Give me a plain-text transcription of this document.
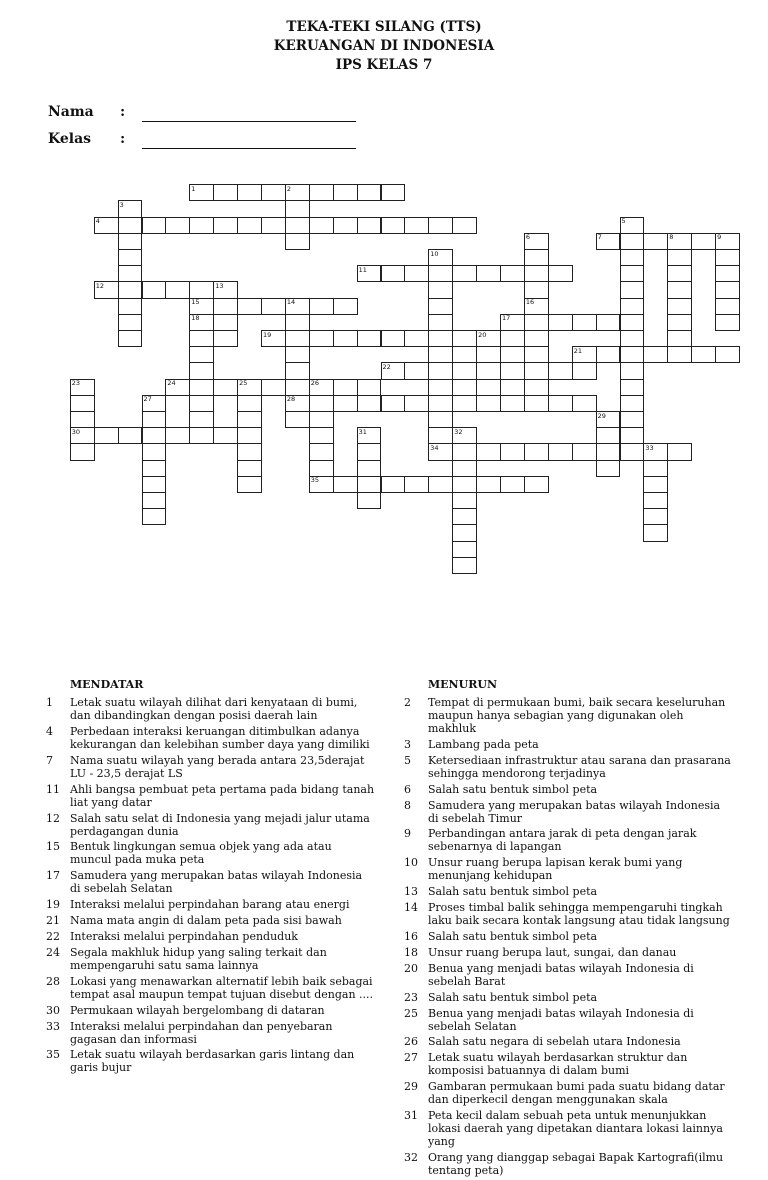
TEKA-TEKI SILANG (TTS)
KERUANGAN DI INDONESIA
IPS KELAS 7
Nama :
Kelas :
1
4
7
11
12
15
17
19
21
22
24
28
30
34
35
2
3
5
6	8	9
10
13
14	16
18
20
23	25	26
27
29
31	32
33
MENDATAR
1	Letak suatu wilayah dilihat dari kenyataan di bumi, dan dibandingkan dengan posisi daerah lain
4	Perbedaan interaksi keruangan ditimbulkan adanya kekurangan dan kelebihan sumber daya yang dimiliki
7	Nama suatu wilayah yang berada antara 23,5derajat LU - 23,5 derajat LS
11 Ahli bangsa pembuat peta pertama pada bidang tanah liat yang datar
12 Salah satu selat di Indonesia yang mejadi jalur utama perdagangan dunia
15 Bentuk lingkungan semua objek yang ada atau muncul pada muka peta
17 Samudera yang merupakan batas wilayah Indonesia di sebelah Selatan
19 Interaksi melalui perpindahan barang atau energi
21 Nama mata angin di dalam peta pada sisi bawah
22 Interaksi melalui perpindahan penduduk
24 Segala makhluk hidup yang saling terkait dan mempengaruhi satu sama lainnya
28 Lokasi yang menawarkan alternatif lebih baik sebagai tempat asal maupun tempat tujuan disebut dengan ....
30 Permukaan wilayah bergelombang di dataran
33 Interaksi melalui perpindahan dan penyebaran gagasan dan informasi
35 Letak suatu wilayah berdasarkan garis lintang dan garis bujur
MENURUN
2	Tempat di permukaan bumi, baik secara keseluruhan maupun hanya sebagian yang digunakan oleh makhluk
3	Lambang pada peta
5	Ketersediaan infrastruktur atau sarana dan prasarana sehingga mendorong terjadinya
6	Salah satu bentuk simbol peta
8	Samudera yang merupakan batas wilayah Indonesia di sebelah Timur
9	Perbandingan antara jarak di peta dengan jarak sebenarnya di lapangan
10 Unsur ruang berupa lapisan kerak bumi yang menunjang kehidupan
13 Salah satu bentuk simbol peta
14 Proses timbal balik sehingga mempengaruhi tingkah laku baik secara kontak langsung atau tidak langsung
16 Salah satu bentuk simbol peta
18 Unsur ruang berupa laut, sungai, dan danau
20 Benua yang menjadi batas wilayah Indonesia di sebelah Barat
23 Salah satu bentuk simbol peta
25 Benua yang menjadi batas wilayah Indonesia di sebelah Selatan
26 Salah satu negara di sebelah utara Indonesia
27 Letak suatu wilayah berdasarkan struktur dan komposisi batuannya di dalam bumi
29 Gambaran permukaan bumi pada suatu bidang datar dan diperkecil dengan menggunakan skala
31 Peta kecil dalam sebuah peta untuk menunjukkan lokasi daerah yang dipetakan diantara lokasi lainnya yang
32 Orang yang dianggap sebagai Bapak Kartografi(ilmu tentang peta)
